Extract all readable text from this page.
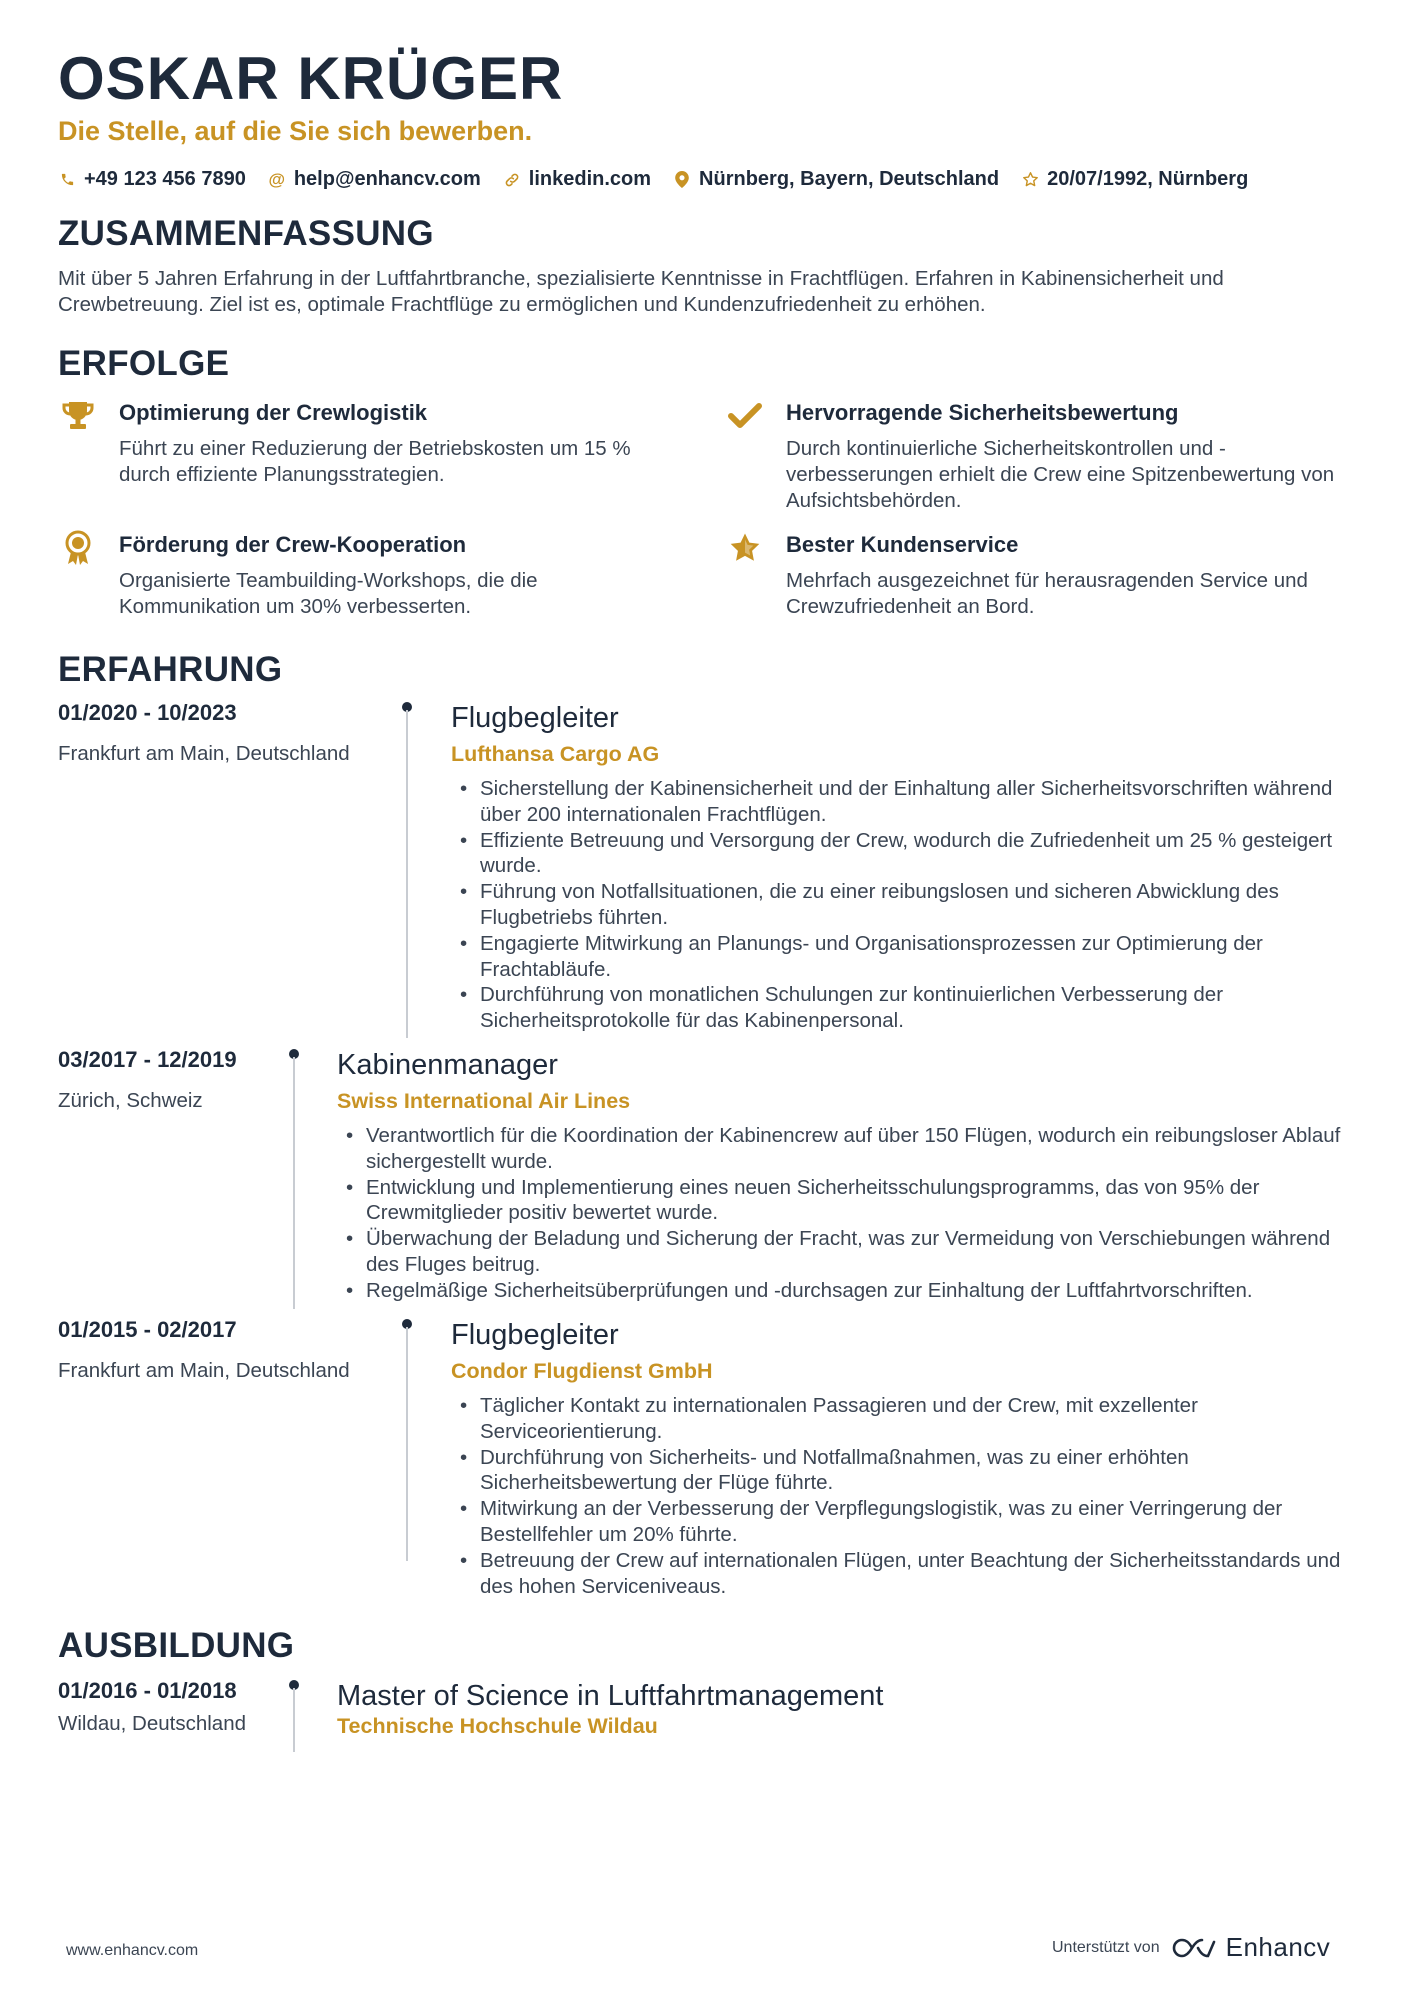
OSKAR KRÜGER
Die Stelle, auf die Sie sich bewerben.
+49 123 456 7890 @ help@enhancv.com linkedin.com Nürnberg, Bayern, Deutschland 20/07/1992, Nürnberg
ZUSAMMENFASSUNG
Mit über 5 Jahren Erfahrung in der Luftfahrtbranche, spezialisierte Kenntnisse in Frachtflügen. Erfahren in Kabinensicherheit und Crewbetreuung. Ziel ist es, optimale Frachtflüge zu ermöglichen und Kundenzufriedenheit zu erhöhen.
ERFOLGE
Optimierung der Crewlogistik
Führt zu einer Reduzierung der Betriebskosten um 15 % durch effiziente Planungsstrategien.
Hervorragende Sicherheitsbewertung
Durch kontinuierliche Sicherheitskontrollen und -verbesserungen erhielt die Crew eine Spitzenbewertung von Aufsichtsbehörden.
Förderung der Crew-Kooperation
Organisierte Teambuilding-Workshops, die die Kommunikation um 30% verbesserten.
Bester Kundenservice
Mehrfach ausgezeichnet für herausragenden Service und Crewzufriedenheit an Bord.
ERFAHRUNG
01/2020 - 10/2023
Frankfurt am Main, Deutschland
Flugbegleiter
Lufthansa Cargo AG
• Sicherstellung der Kabinensicherheit und der Einhaltung aller Sicherheitsvorschriften während über 200 internationalen Frachtflügen.
• Effiziente Betreuung und Versorgung der Crew, wodurch die Zufriedenheit um 25 % gesteigert wurde.
• Führung von Notfallsituationen, die zu einer reibungslosen und sicheren Abwicklung des Flugbetriebs führten.
• Engagierte Mitwirkung an Planungs- und Organisationsprozessen zur Optimierung der Frachtabläufe.
• Durchführung von monatlichen Schulungen zur kontinuierlichen Verbesserung der Sicherheitsprotokolle für das Kabinenpersonal.
03/2017 - 12/2019
Zürich, Schweiz
Kabinenmanager
Swiss International Air Lines
• Verantwortlich für die Koordination der Kabinencrew auf über 150 Flügen, wodurch ein reibungsloser Ablauf sichergestellt wurde.
• Entwicklung und Implementierung eines neuen Sicherheitsschulungsprogramms, das von 95% der Crewmitglieder positiv bewertet wurde.
• Überwachung der Beladung und Sicherung der Fracht, was zur Vermeidung von Verschiebungen während des Fluges beitrug.
• Regelmäßige Sicherheitsüberprüfungen und -durchsagen zur Einhaltung der Luftfahrtvorschriften.
01/2015 - 02/2017
Frankfurt am Main, Deutschland
Flugbegleiter
Condor Flugdienst GmbH
• Täglicher Kontakt zu internationalen Passagieren und der Crew, mit exzellenter Serviceorientierung.
• Durchführung von Sicherheits- und Notfallmaßnahmen, was zu einer erhöhten Sicherheitsbewertung der Flüge führte.
• Mitwirkung an der Verbesserung der Verpflegungslogistik, was zu einer Verringerung der Bestellfehler um 20% führte.
• Betreuung der Crew auf internationalen Flügen, unter Beachtung der Sicherheitsstandards und des hohen Serviceniveaus.
AUSBILDUNG
01/2016 - 01/2018
Wildau, Deutschland
Master of Science in Luftfahrtmanagement
Technische Hochschule Wildau
www.enhancv.com	Unterstützt von	Enhancv
